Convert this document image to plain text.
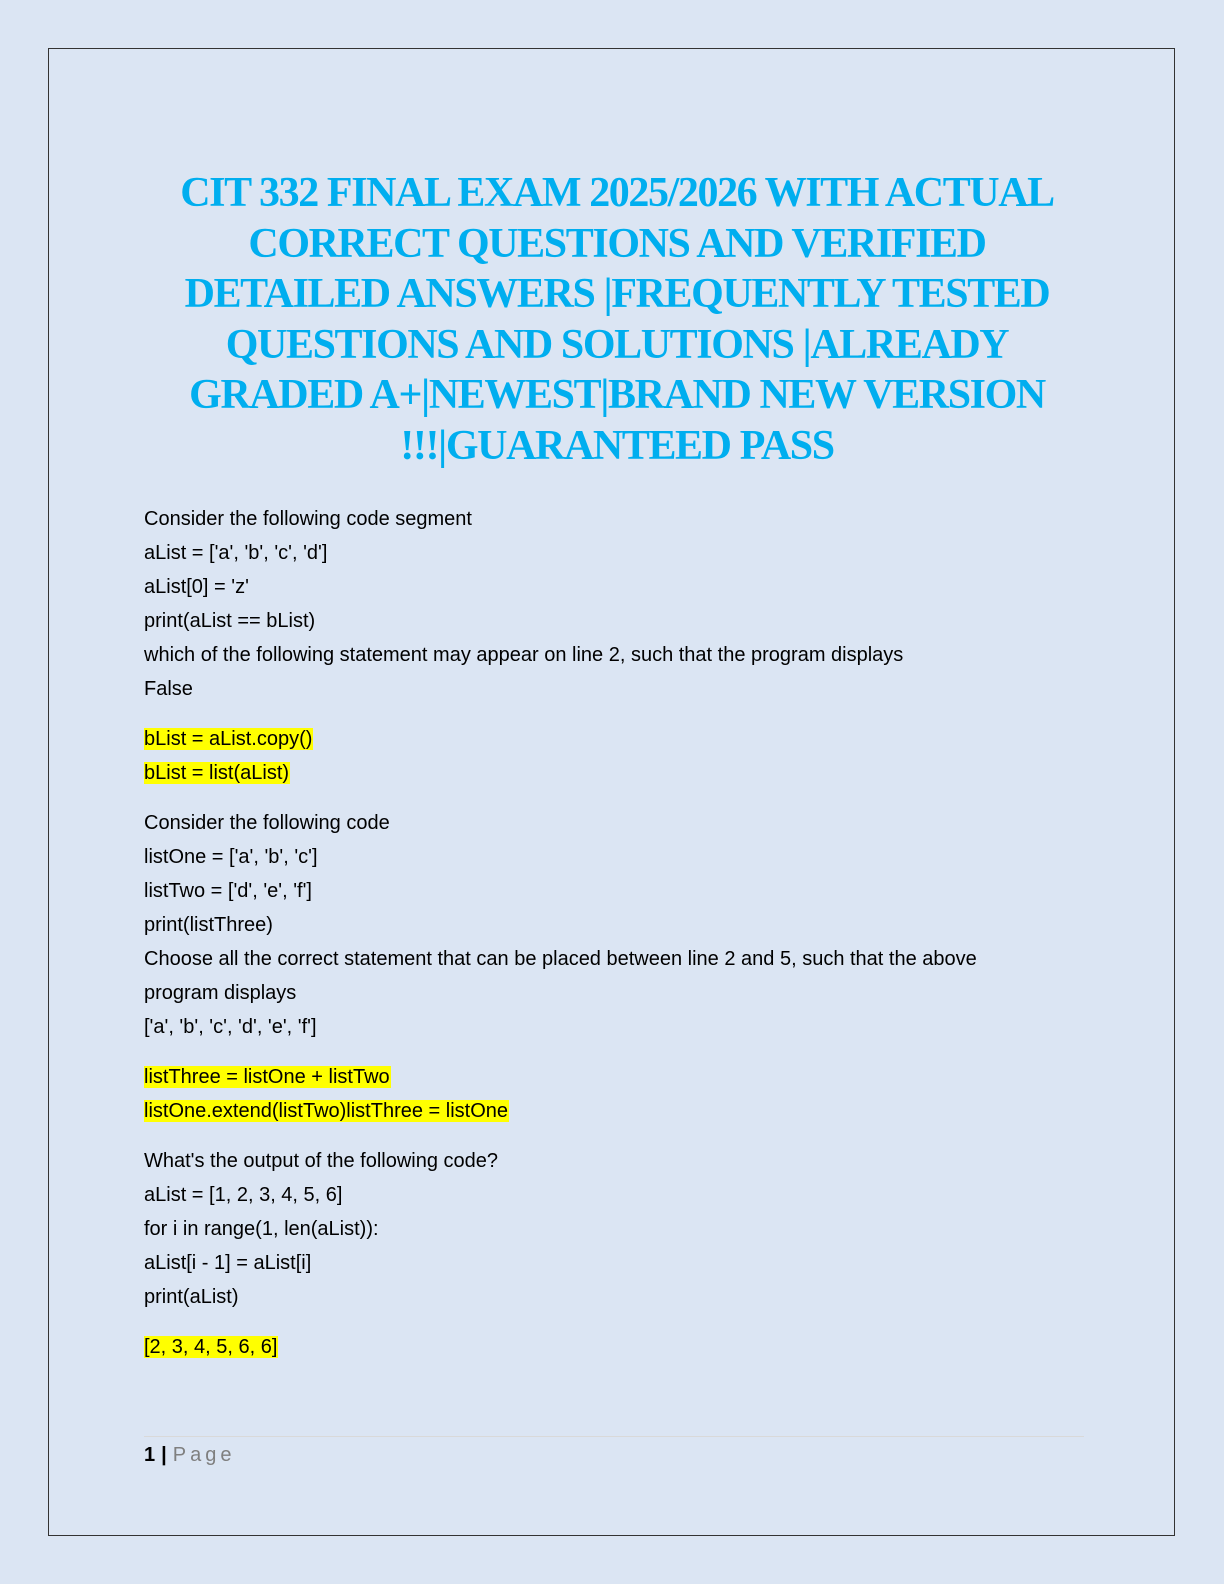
CIT 332 FINAL EXAM 2025/2026 WITH ACTUAL
CORRECT QUESTIONS AND VERIFIED
DETAILED ANSWERS |FREQUENTLY TESTED
QUESTIONS AND SOLUTIONS |ALREADY
GRADED A+|NEWEST|BRAND NEW VERSION
!!!|GUARANTEED PASS

Consider the following code segment

aList = ['a', 'b', 'c', 'd']

aList[0] = 'z'

print(aList == bList)

which of the following statement may appear on line 2, such that the program displays

False

bList = aList.copy()

bList = list(aList)

Consider the following code

listOne = ['a', 'b', 'c']

listTwo = ['d', 'e', 'f']

print(listThree)

Choose all the correct statement that can be placed between line 2 and 5, such that the above

program displays

['a', 'b', 'c', 'd', 'e', 'f']

listThree = listOne + listTwo

listOne.extend(listTwo)listThree = listOne

What's the output of the following code?

aList = [1, 2, 3, 4, 5, 6]

for i in range(1, len(aList)):

aList[i - 1] = aList[i]

print(aList)

[2, 3, 4, 5, 6, 6]

1 | Page
